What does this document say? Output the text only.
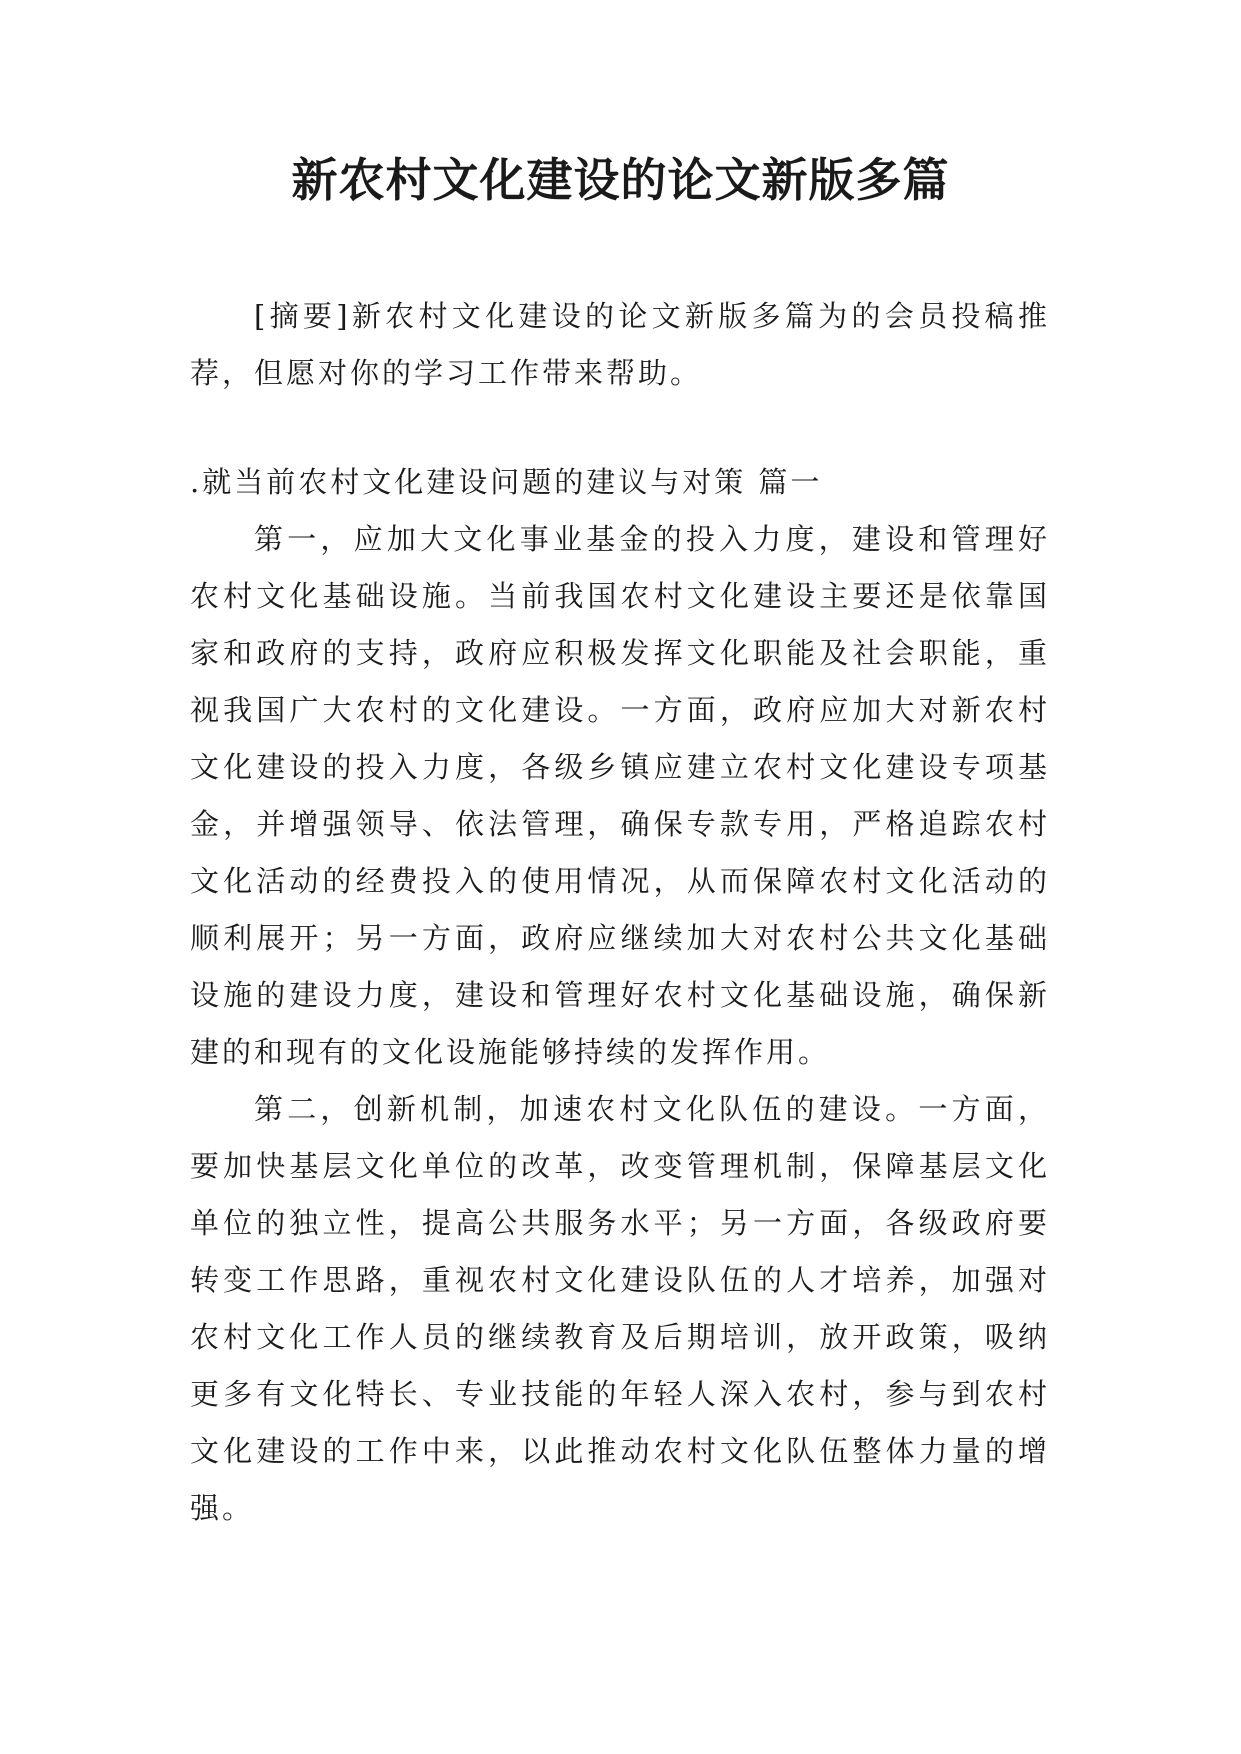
新农村文化建设的论文新版多篇

[摘要]新农村文化建设的论文新版多篇为的会员投稿推荐，但愿对你的学习工作带来帮助。

.就当前农村文化建设问题的建议与对策 篇一

第一，应加大文化事业基金的投入力度，建设和管理好农村文化基础设施。当前我国农村文化建设主要还是依靠国家和政府的支持，政府应积极发挥文化职能及社会职能，重视我国广大农村的文化建设。一方面，政府应加大对新农村文化建设的投入力度，各级乡镇应建立农村文化建设专项基金，并增强领导、依法管理，确保专款专用，严格追踪农村文化活动的经费投入的使用情况，从而保障农村文化活动的顺利展开；另一方面，政府应继续加大对农村公共文化基础设施的建设力度，建设和管理好农村文化基础设施，确保新建的和现有的文化设施能够持续的发挥作用。

第二，创新机制，加速农村文化队伍的建设。一方面，要加快基层文化单位的改革，改变管理机制，保障基层文化单位的独立性，提高公共服务水平；另一方面，各级政府要转变工作思路，重视农村文化建设队伍的人才培养，加强对农村文化工作人员的继续教育及后期培训，放开政策，吸纳更多有文化特长、专业技能的年轻人深入农村，参与到农村文化建设的工作中来，以此推动农村文化队伍整体力量的增强。
